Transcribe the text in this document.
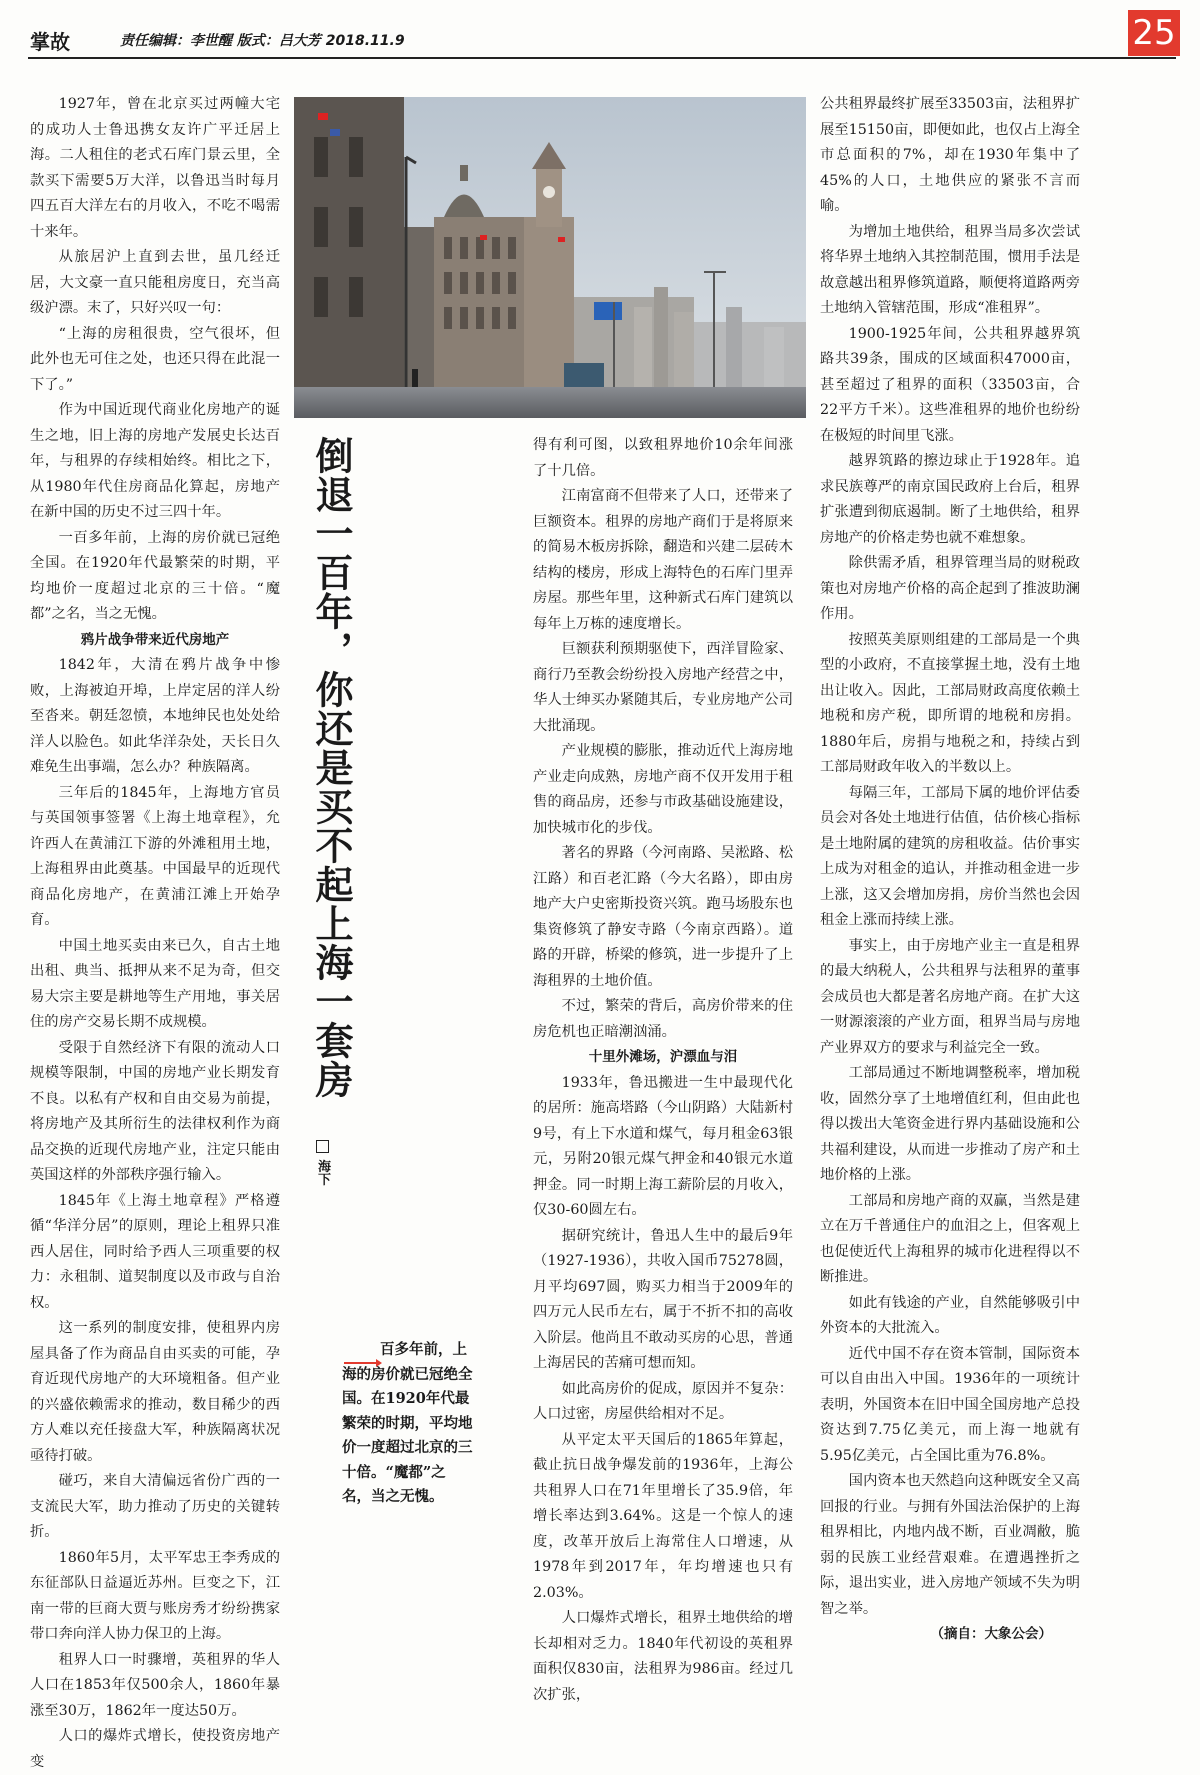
掌故	责任编辑：李世醒 版式：吕大芳 2018.11.9	25

1927年，曾在北京买过两幢大宅的成功人士鲁迅携女友许广平迁居上海。二人租住的老式石库门景云里，全款买下需要5万大洋，以鲁迅当时每月四五百大洋左右的月收入，不吃不喝需十来年。

从旅居沪上直到去世，虽几经迁居，大文豪一直只能租房度日，充当高级沪漂。末了，只好兴叹一句：

“上海的房租很贵，空气很坏，但此外也无可住之处，也还只得在此混一下了。”

作为中国近现代商业化房地产的诞生之地，旧上海的房地产发展史长达百年，与租界的存续相始终。相比之下，从1980年代住房商品化算起，房地产在新中国的历史不过三四十年。

一百多年前，上海的房价就已冠绝全国。在1920年代最繁荣的时期，平均地价一度超过北京的三十倍。“魔都”之名，当之无愧。

鸦片战争带来近代房地产

1842年，大清在鸦片战争中惨败，上海被迫开埠，上岸定居的洋人纷至沓来。朝廷忽愤，本地绅民也处处给洋人以脸色。如此华洋杂处，天长日久难免生出事端，怎么办？种族隔离。

三年后的1845年，上海地方官员与英国领事签署《上海土地章程》，允许西人在黄浦江下游的外滩租用土地，上海租界由此奠基。中国最早的近现代商品化房地产，在黄浦江滩上开始孕育。

中国土地买卖由来已久，自古土地出租、典当、抵押从来不足为奇，但交易大宗主要是耕地等生产用地，事关居住的房产交易长期不成规模。

受限于自然经济下有限的流动人口规模等限制，中国的房地产业长期发育不良。以私有产权和自由交易为前提，将房地产及其所衍生的法律权利作为商品交换的近现代房地产业，注定只能由英国这样的外部秩序强行输入。

1845年《上海土地章程》严格遵循“华洋分居”的原则，理论上租界只准西人居住，同时给予西人三项重要的权力：永租制、道契制度以及市政与自治权。

这一系列的制度安排，使租界内房屋具备了作为商品自由买卖的可能，孕育近现代房地产的大环境粗备。但产业的兴盛依赖需求的推动，数目稀少的西方人难以充任接盘大军，种族隔离状况亟待打破。

碰巧，来自大清偏远省份广西的一支流民大军，助力推动了历史的关键转折。

1860年5月，太平军忠王李秀成的东征部队日益逼近苏州。巨变之下，江南一带的巨商大贾与账房秀才纷纷携家带口奔向洋人协力保卫的上海。

租界人口一时骤增，英租界的华人人口在1853年仅500余人，1860年暴涨至30万，1862年一度达50万。

人口的爆炸式增长，使投资房地产变

倒退一百年，你还是买不起上海一套房
海下
百多年前，上海的房价就已冠绝全国。在1920年代最繁荣的时期，平均地价一度超过北京的三十倍。“魔都”之名，当之无愧。

得有利可图，以致租界地价10余年间涨了十几倍。

江南富商不但带来了人口，还带来了巨额资本。租界的房地产商们于是将原来的简易木板房拆除，翻造和兴建二层砖木结构的楼房，形成上海特色的石库门里弄房屋。那些年里，这种新式石库门建筑以每年上万栋的速度增长。

巨额获利预期驱使下，西洋冒险家、商行乃至教会纷纷投入房地产经营之中，华人士绅买办紧随其后，专业房地产公司大批涌现。

产业规模的膨胀，推动近代上海房地产业走向成熟，房地产商不仅开发用于租售的商品房，还参与市政基础设施建设，加快城市化的步伐。

著名的界路（今河南路、吴淞路、松江路）和百老汇路（今大名路），即由房地产大户史密斯投资兴筑。跑马场股东也集资修筑了静安寺路（今南京西路）。道路的开辟，桥梁的修筑，进一步提升了上海租界的土地价值。

不过，繁荣的背后，高房价带来的住房危机也正暗潮汹涌。

十里外滩场，沪漂血与泪

1933年，鲁迅搬进一生中最现代化的居所：施高塔路（今山阴路）大陆新村9号，有上下水道和煤气，每月租金63银元，另附20银元煤气押金和40银元水道押金。同一时期上海工薪阶层的月收入，仅30-60圆左右。

据研究统计，鲁迅人生中的最后9年（1927-1936），共收入国币75278圆，月平均697圆，购买力相当于2009年的四万元人民币左右，属于不折不扣的高收入阶层。他尚且不敢动买房的心思，普通上海居民的苦痛可想而知。

如此高房价的促成，原因并不复杂：人口过密，房屋供给相对不足。

从平定太平天国后的1865年算起，截止抗日战争爆发前的1936年，上海公共租界人口在71年里增长了35.9倍，年增长率达到3.64%。这是一个惊人的速度，改革开放后上海常住人口增速，从1978年到2017年，年均增速也只有2.03%。

人口爆炸式增长，租界土地供给的增长却相对乏力。1840年代初设的英租界面积仅830亩，法租界为986亩。经过几次扩张，

公共租界最终扩展至33503亩，法租界扩展至15150亩，即便如此，也仅占上海全市总面积的7%，却在1930年集中了45%的人口，土地供应的紧张不言而喻。

为增加土地供给，租界当局多次尝试将华界土地纳入其控制范围，惯用手法是故意越出租界修筑道路，顺便将道路两旁土地纳入管辖范围，形成“准租界”。

1900-1925年间，公共租界越界筑路共39条，围成的区域面积47000亩，甚至超过了租界的面积（33503亩，合22平方千米）。这些准租界的地价也纷纷在极短的时间里飞涨。

越界筑路的擦边球止于1928年。追求民族尊严的南京国民政府上台后，租界扩张遭到彻底遏制。断了土地供给，租界房地产的价格走势也就不难想象。

除供需矛盾，租界管理当局的财税政策也对房地产价格的高企起到了推波助澜作用。

按照英美原则组建的工部局是一个典型的小政府，不直接掌握土地，没有土地出让收入。因此，工部局财政高度依赖土地税和房产税，即所谓的地税和房捐。1880年后，房捐与地税之和，持续占到工部局财政年收入的半数以上。

每隔三年，工部局下属的地价评估委员会对各处土地进行估值，估价核心指标是土地附属的建筑的房租收益。估价事实上成为对租金的追认，并推动租金进一步上涨，这又会增加房捐，房价当然也会因租金上涨而持续上涨。

事实上，由于房地产业主一直是租界的最大纳税人，公共租界与法租界的董事会成员也大都是著名房地产商。在扩大这一财源滚滚的产业方面，租界当局与房地产业界双方的要求与利益完全一致。

工部局通过不断地调整税率，增加税收，固然分享了土地增值红利，但由此也得以拨出大笔资金进行界内基础设施和公共福利建设，从而进一步推动了房产和土地价格的上涨。

工部局和房地产商的双赢，当然是建立在万千普通住户的血泪之上，但客观上也促使近代上海租界的城市化进程得以不断推进。

如此有钱途的产业，自然能够吸引中外资本的大批流入。

近代中国不存在资本管制，国际资本可以自由出入中国。1936年的一项统计表明，外国资本在旧中国全国房地产总投资达到7.75亿美元，而上海一地就有5.95亿美元，占全国比重为76.8%。

国内资本也天然趋向这种既安全又高回报的行业。与拥有外国法治保护的上海租界相比，内地内战不断，百业凋敝，脆弱的民族工业经营艰难。在遭遇挫折之际，退出实业，进入房地产领域不失为明智之举。

（摘自：大象公会）
